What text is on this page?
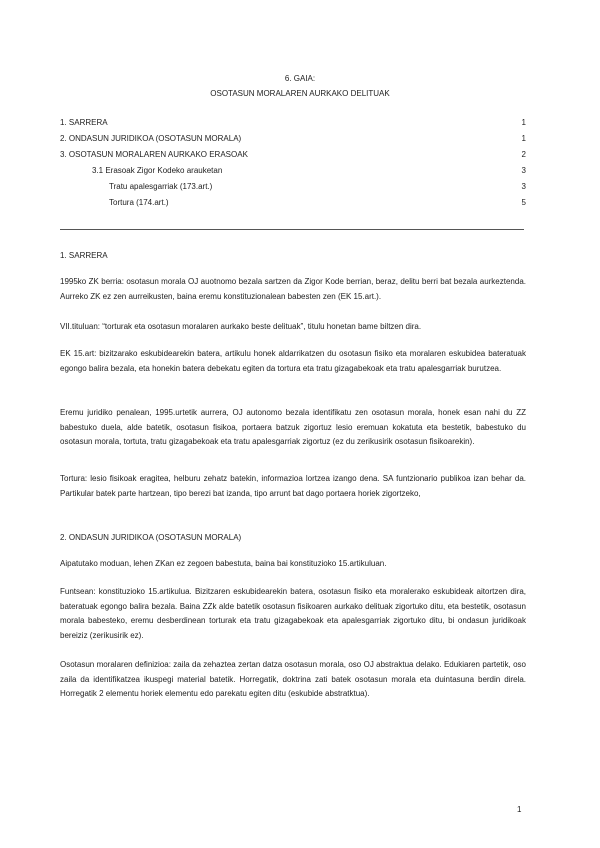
6. GAIA:
OSOTASUN MORALAREN AURKAKO DELITUAK
1. SARRERA	1
2. ONDASUN JURIDIKOA (OSOTASUN MORALA)	1
3. OSOTASUN MORALAREN AURKAKO ERASOAK	2
3.1 Erasoak Zigor Kodeko arauketan	3
Tratu apalesgarriak (173.art.)	3
Tortura (174.art.)	5
1. SARRERA
1995ko ZK berria: osotasun morala OJ auotnomo bezala sartzen da Zigor Kode berrian, beraz, delitu berri bat bezala aurkeztenda. Aurreko ZK ez zen aurreikusten, baina eremu konstituzionalean babesten zen (EK 15.art.).
VII.tituluan: “torturak eta osotasun moralaren aurkako beste delituak”, titulu honetan bame biltzen dira.
EK 15.art: bizitzarako eskubidearekin batera, artikulu honek aldarrikatzen du osotasun fisiko eta moralaren eskubidea bateratuak egongo balira bezala, eta honekin batera debekatu egiten da tortura eta tratu gizagabekoak eta tratu apalesgarriak burutzea.
Eremu juridiko penalean, 1995.urtetik aurrera, OJ autonomo bezala identifikatu zen osotasun morala, honek esan nahi du ZZ babestuko duela, alde batetik, osotasun fisikoa, portaera batzuk zigortuz lesio eremuan kokatuta eta bestetik, babestuko du osotasun morala, tortuta, tratu gizagabekoak eta tratu apalesgarriak zigortuz (ez du zerikusirik osotasun fisikoarekin).
Tortura: lesio fisikoak eragitea, helburu zehatz batekin, informazioa lortzea izango dena. SA funtzionario publikoa izan behar da. Partikular batek parte hartzean, tipo berezi bat izanda, tipo arrunt bat dago portaera horiek zigortzeko,
2. ONDASUN JURIDIKOA (OSOTASUN MORALA)
Aipatutako moduan, lehen ZKan ez zegoen babestuta, baina bai konstituzioko 15.artikuluan.
Funtsean: konstituzioko 15.artikulua. Bizitzaren eskubidearekin batera, osotasun fisiko eta moralerako eskubideak aitortzen dira, bateratuak egongo balira bezala. Baina ZZk alde batetik osotasun fisikoaren aurkako delituak zigortuko ditu, eta bestetik, osotasun morala babesteko, eremu desberdinean torturak eta tratu gizagabekoak eta apalesgarriak zigortuko ditu, bi ondasun juridikoak bereiziz (zerikusirik ez).
Osotasun moralaren definizioa: zaila da zehaztea zertan datza osotasun morala, oso OJ abstraktua delako. Edukiaren partetik, oso zaila da identifikatzea ikuspegi material batetik. Horregatik, doktrina zati batek osotasun morala eta duintasuna berdin direla. Horregatik 2 elementu horiek elementu edo parekatu egiten ditu (eskubide abstratktua).
1
